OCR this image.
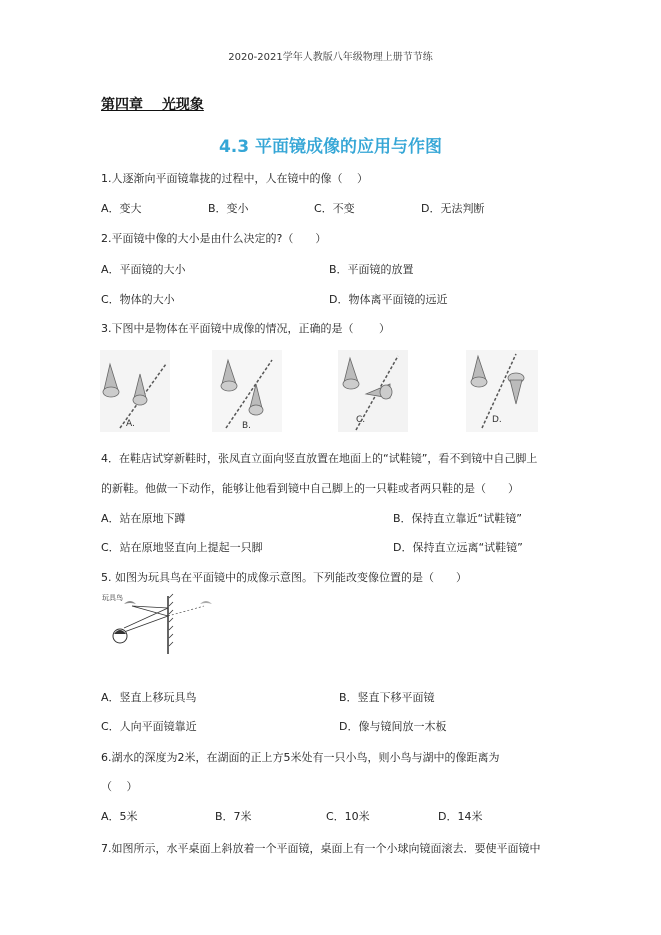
2020-2021学年人教版八年级物理上册节节练
第四章　 光现象
4.3 平面镜成像的应用与作图
1.人逐渐向平面镜靠拢的过程中，人在镜中的像（　 ）
A．变大	B．变小	C．不变	D．无法判断
2.平面镜中像的大小是由什么决定的?（　　）
A．平面镜的大小	B．平面镜的放置
C．物体的大小	D．物体离平面镜的远近
3.下图中是物体在平面镜中成像的情况，正确的是（　　 ）
A.	B.
C.	D.
4．在鞋店试穿新鞋时，张凤直立面向竖直放置在地面上的“试鞋镜”，看不到镜中自己脚上
的新鞋。他做一下动作，能够让他看到镜中自己脚上的一只鞋或者两只鞋的是（　　）
A．站在原地下蹲	B．保持直立靠近“试鞋镜”
C．站在原地竖直向上提起一只脚	D．保持直立远离“试鞋镜”
5. 如图为玩具鸟在平面镜中的成像示意图。下列能改变像位置的是（　　）
玩具鸟
A．竖直上移玩具鸟	B．竖直下移平面镜
C．人向平面镜靠近	D．像与镜间放一木板
6.湖水的深度为2米，在湖面的正上方5米处有一只小鸟，则小鸟与湖中的像距离为
（　 ）
A．5米	B．7米	C．10米	D．14米
7.如图所示，水平桌面上斜放着一个平面镜，桌面上有一个小球向镜面滚去．要使平面镜中
